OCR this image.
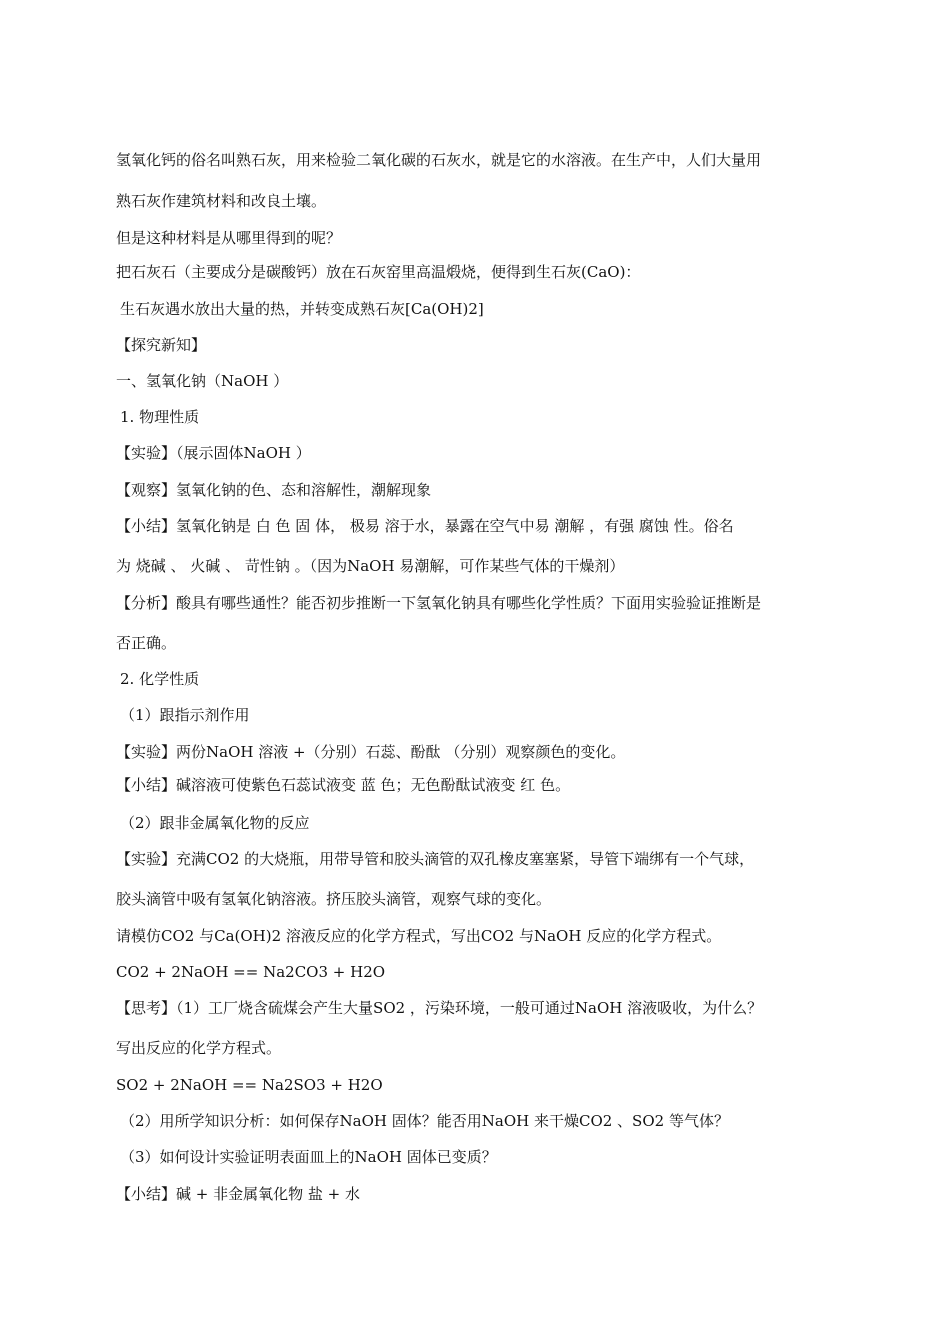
氢氧化钙的俗名叫熟石灰，用来检验二氧化碳的石灰水，就是它的水溶液。在生产中，人们大量用
熟石灰作建筑材料和改良土壤。
但是这种材料是从哪里得到的呢？
把石灰石（主要成分是碳酸钙）放在石灰窑里高温煅烧，便得到生石灰(CaO)：
生石灰遇水放出大量的热，并转变成熟石灰[Ca(OH)2]
【探究新知】
一、氢氧化钠（NaOH ）
1. 物理性质
【实验】（展示固体NaOH ）
【观察】氢氧化钠的色、态和溶解性，潮解现象
【小结】氢氧化钠是 白 色 固 体， 极易 溶于水，暴露在空气中易 潮解 ，有强 腐蚀 性。俗名
为 烧碱 、 火碱 、 苛性钠 。（因为NaOH 易潮解，可作某些气体的干燥剂）
【分析】酸具有哪些通性？能否初步推断一下氢氧化钠具有哪些化学性质？下面用实验验证推断是
否正确。
2. 化学性质
（1）跟指示剂作用
【实验】两份NaOH 溶液 +（分别）石蕊、酚酞 （分别）观察颜色的变化。
【小结】碱溶液可使紫色石蕊试液变 蓝 色；无色酚酞试液变 红 色。
（2）跟非金属氧化物的反应
【实验】充满CO2 的大烧瓶，用带导管和胶头滴管的双孔橡皮塞塞紧，导管下端绑有一个气球，
胶头滴管中吸有氢氧化钠溶液。挤压胶头滴管，观察气球的变化。
请模仿CO2 与Ca(OH)2 溶液反应的化学方程式，写出CO2 与NaOH 反应的化学方程式。
CO2 + 2NaOH == Na2CO3 + H2O
【思考】（1）工厂烧含硫煤会产生大量SO2 ，污染环境，一般可通过NaOH 溶液吸收，为什么？
写出反应的化学方程式。
SO2 + 2NaOH == Na2SO3 + H2O
（2）用所学知识分析：如何保存NaOH 固体？能否用NaOH 来干燥CO2 、SO2 等气体？
（3）如何设计实验证明表面皿上的NaOH 固体已变质？
【小结】碱 + 非金属氧化物 盐 + 水
